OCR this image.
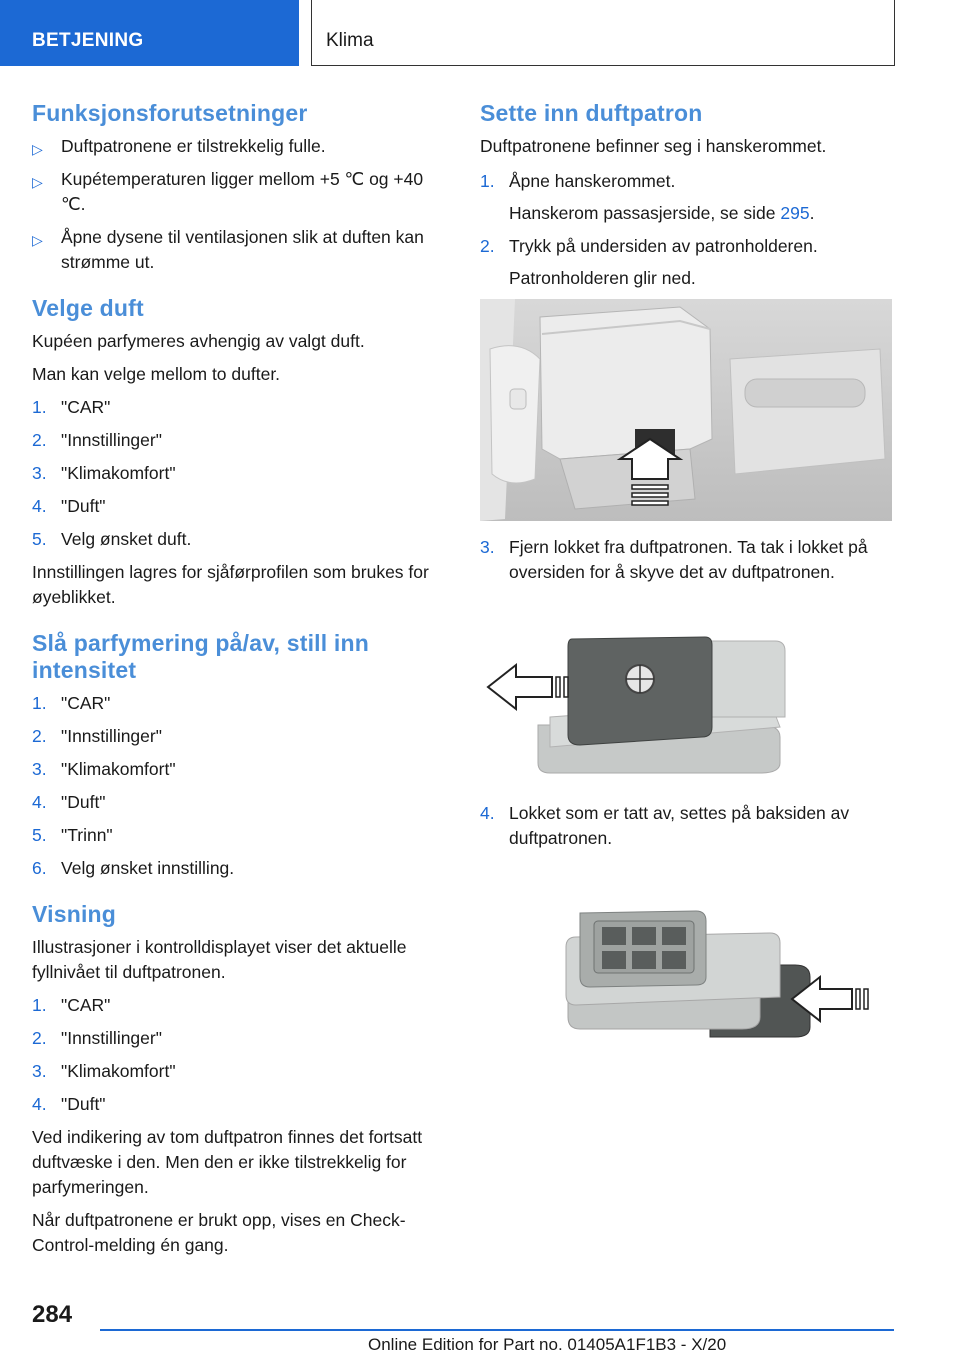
BETJENING	Klima
Funksjonsforutsetninger
▷ Duftpatronene er tilstrekkelig fulle.
▷ Kupétemperaturen ligger mellom +5 ℃ og +40 ℃.
▷ Åpne dysene til ventilasjonen slik at duften kan strømme ut.
Velge duft

Kupéen parfymeres avhengig av valgt duft.

Man kan velge mellom to dufter.

1. "CAR"
2. "Innstillinger"
3. "Klimakomfort"
4. "Duft"
5. Velg ønsket duft.

Innstillingen lagres for sjåførprofilen som brukes for øyeblikket.

Slå parfymering på/av, still inn intensitet
1. "CAR"
2. "Innstillinger"
3. "Klimakomfort"
4. "Duft"
5. "Trinn"
6. Velg ønsket innstilling.
Visning

Illustrasjoner i kontrolldisplayet viser det aktuelle fyllnivået til duftpatronen.

1. "CAR"
2. "Innstillinger"
3. "Klimakomfort"
4. "Duft"

Ved indikering av tom duftpatron finnes det fortsatt duftvæske i den. Men den er ikke tilstrekkelig for parfymeringen.

Når duftpatronene er brukt opp, vises en Check-Control-melding én gang.

Sette inn duftpatron

Duftpatronene befinner seg i hanskerommet.

1. Åpne hanskerommet.
Hanskerom passasjerside, se side 295.
2. Trykk på undersiden av patronholderen.
Patronholderen glir ned.
3. Fjern lokket fra duftpatronen. Ta tak i lokket på oversiden for å skyve det av duftpatronen.
4. Lokket som er tatt av, settes på baksiden av duftpatronen.
284
Online Edition for Part no. 01405A1F1B3 - X/20
